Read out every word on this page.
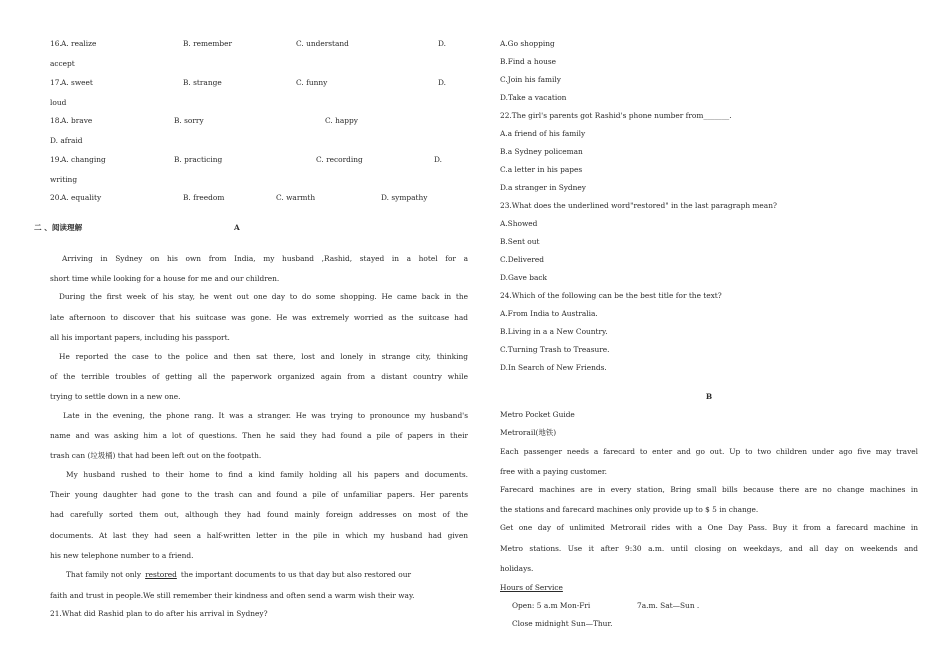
16. A. realize	B. remember	C. understand	D.
accept
17. A. sweet	B. strange	C. funny	D.
loud
18. A. brave	B. sorry	C. happy
D. afraid
19. A. changing	B. practicing	C. recording	D.
writing
20. A. equality	B. freedom	C. warmth	D. sympathy
二 、阅读理解	A
Arriving in Sydney on his own from India, my husband ,Rashid, stayed in a hotel for a
short time while looking for a house for me and our children.
During the first week of his stay, he went out one day to do some shopping. He came back in the
late afternoon to discover that his suitcase was gone. He was extremely worried as the suitcase had
all his important papers, including his passport.
He reported the case to the police and then sat there, lost and lonely in strange city, thinking
of the terrible troubles of getting all the paperwork organized again from a distant country while
trying to settle down in a new one.
Late in the evening, the phone rang. It was a stranger. He was trying to pronounce my husband's
name and was asking him a lot of questions. Then he said they had found a pile of papers in their
trash can (垃圾桶) that had been left out on the footpath.
My husband rushed to their home to find a kind family holding all his papers and documents.
Their young daughter had gone to the trash can and found a pile of unfamiliar papers. Her parents
had carefully sorted them out, although they had found mainly foreign addresses on most of the
documents. At last they had seen a half-written letter in the pile in which my husband had given
his new telephone number to a friend.
That family not only restored the important documents to us that day but also restored our
faith and trust in people.We still remember their kindness and often send a warm wish their way.
21.What did Rashid plan to do after his arrival in Sydney?
A.Go shopping
B.Find a house
C.Join his family
D.Take a vacation
22.The girl's parents got Rashid's phone number from_______.
A.a friend of his family
B.a Sydney policeman
C.a letter in his papes
D.a stranger in Sydney
23.What does the underlined word"restored" in the last paragraph mean?
A.Showed
B.Sent out
C.Delivered
D.Gave back
24.Which of the following can be the best title for the text?
A.From India to Australia.
B.Living in a a New Country.
C.Turning Trash to Treasure.
D.In Search of New Friends.
B
Metro Pocket Guide
Metrorail(地铁)
Each passenger needs a farecard to enter and go out. Up to two children under ago five may travel
free with a paying customer.
Farecard machines are in every station, Bring small bills because there are no change machines in
the stations and farecard machines only provide up to $ 5 in change.
Get one day of unlimited Metrorail rides with a One Day Pass. Buy it from a farecard machine in
Metro stations. Use it after 9:30 a.m. until closing on weekdays, and all day on weekends and
holidays.
Hours of Service
Open: 5 a.m Mon-Fri	7a.m. Sat—Sun .
Close midnight Sun—Thur.
